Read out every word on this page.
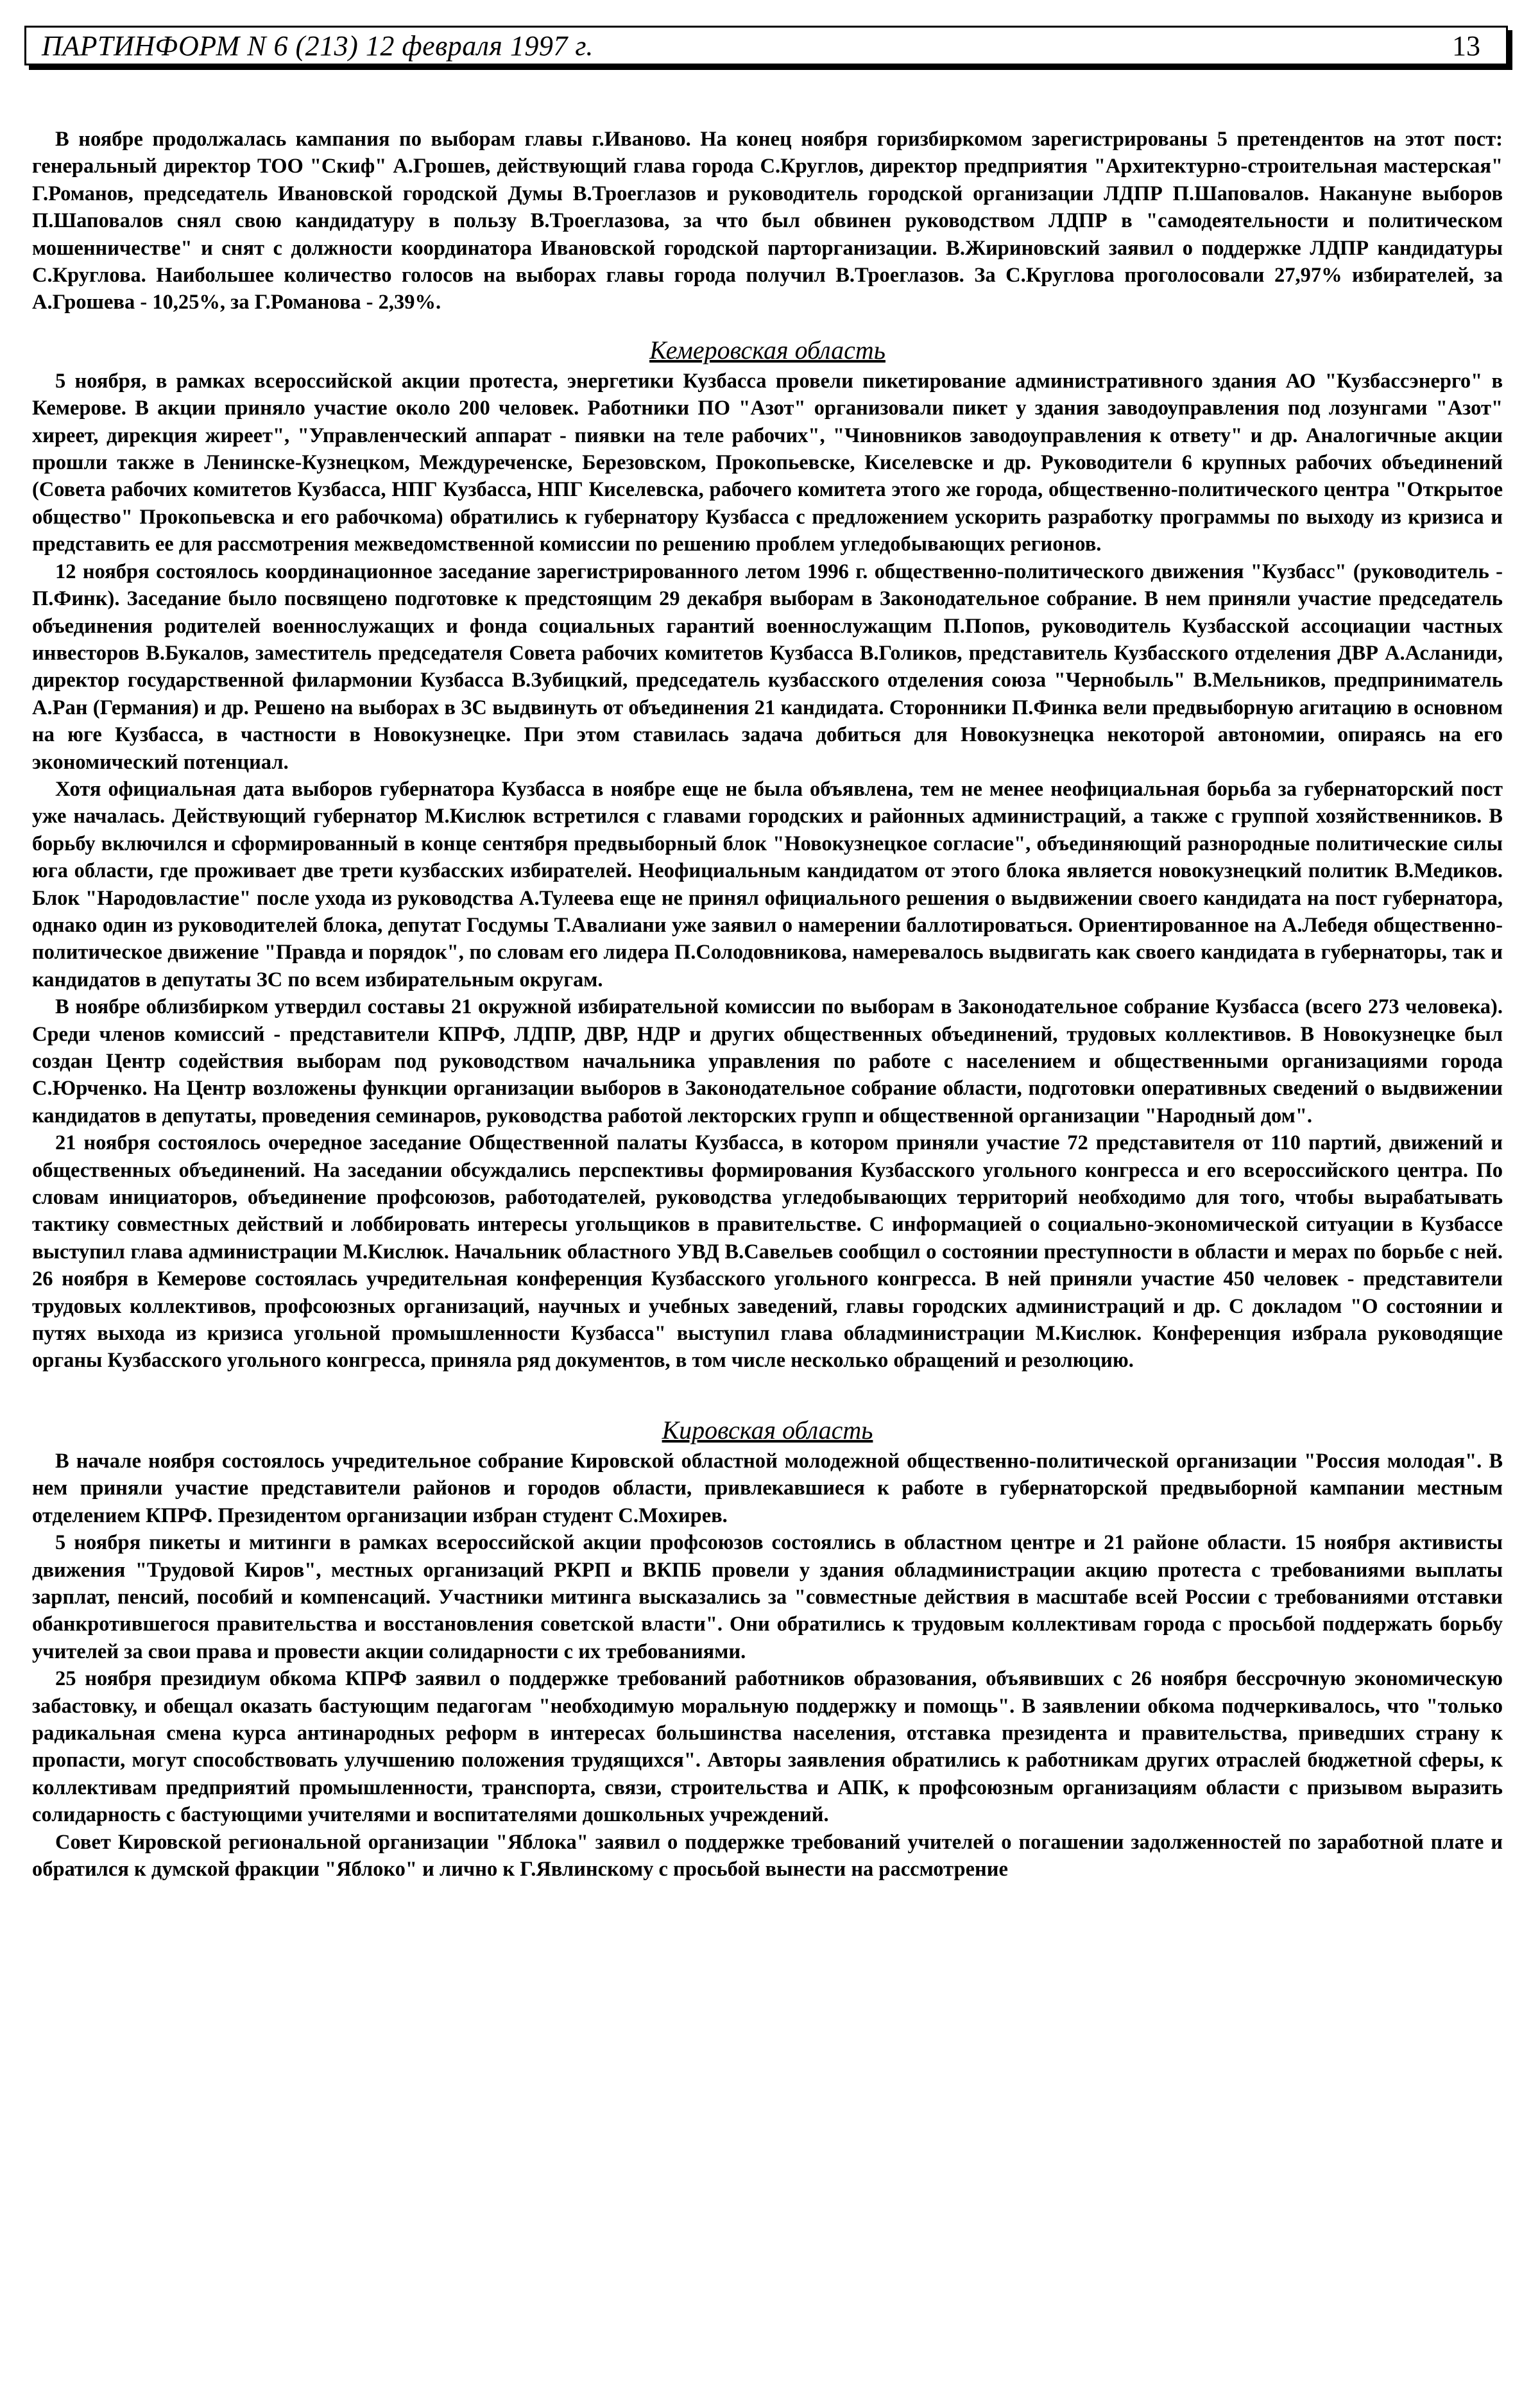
ПАРТИНФОРМ N 6 (213) 12 февраля 1997 г.	13

В ноябре продолжалась кампания по выборам главы г.Иваново. На конец ноября горизбиркомом зарегистрированы 5 претендентов на этот пост: генеральный директор ТОО "Скиф" А.Грошев, действующий глава города С.Круглов, директор предприятия "Архитектурно-строительная мастерская" Г.Романов, председатель Ивановской городской Думы В.Троеглазов и руководитель городской организации ЛДПР П.Шаповалов. Накануне выборов П.Шаповалов снял свою кандидатуру в пользу В.Троеглазова, за что был обвинен руководством ЛДПР в "самодеятельности и политическом мошенничестве" и снят с должности координатора Ивановской городской парторганизации. В.Жириновский заявил о поддержке ЛДПР кандидатуры С.Круглова. Наибольшее количество голосов на выборах главы города получил В.Троеглазов. За С.Круглова проголосовали 27,97% избирателей, за А.Грошева - 10,25%, за Г.Романова - 2,39%.

Кемеровская область

5 ноября, в рамках всероссийской акции протеста, энергетики Кузбасса провели пикетирование административного здания АО "Кузбассэнерго" в Кемерове. В акции приняло участие около 200 человек. Работники ПО "Азот" организовали пикет у здания заводоуправления под лозунгами "Азот" хиреет, дирекция жиреет", "Управленческий аппарат - пиявки на теле рабочих", "Чиновников заводоуправления к ответу" и др. Аналогичные акции прошли также в Ленинске-Кузнецком, Междуреченске, Березовском, Прокопьевске, Киселевске и др. Руководители 6 крупных рабочих объединений (Совета рабочих комитетов Кузбасса, НПГ Кузбасса, НПГ Киселевска, рабочего комитета этого же города, общественно-политического центра "Открытое общество" Прокопьевска и его рабочкома) обратились к губернатору Кузбасса с предложением ускорить разработку программы по выходу из кризиса и представить ее для рассмотрения межведомственной комиссии по решению проблем угледобывающих регионов.

12 ноября состоялось координационное заседание зарегистрированного летом 1996 г. общественно-политического движения "Кузбасс" (руководитель - П.Финк). Заседание было посвящено подготовке к предстоящим 29 декабря выборам в Законодательное собрание. В нем приняли участие председатель объединения родителей военнослужащих и фонда социальных гарантий военнослужащим П.Попов, руководитель Кузбасской ассоциации частных инвесторов В.Букалов, заместитель председателя Совета рабочих комитетов Кузбасса В.Голиков, представитель Кузбасского отделения ДВР А.Асланиди, директор государственной филармонии Кузбасса В.Зубицкий, председатель кузбасского отделения союза "Чернобыль" В.Мельников, предприниматель А.Ран (Германия) и др. Решено на выборах в ЗС выдвинуть от объединения 21 кандидата. Сторонники П.Финка вели предвыборную агитацию в основном на юге Кузбасса, в частности в Новокузнецке. При этом ставилась задача добиться для Новокузнецка некоторой автономии, опираясь на его экономический потенциал.

Хотя официальная дата выборов губернатора Кузбасса в ноябре еще не была объявлена, тем не менее неофициальная борьба за губернаторский пост уже началась. Действующий губернатор М.Кислюк встретился с главами городских и районных администраций, а также с группой хозяйственников. В борьбу включился и сформированный в конце сентября предвыборный блок "Новокузнецкое согласие", объединяющий разнородные политические силы юга области, где проживает две трети кузбасских избирателей. Неофициальным кандидатом от этого блока является новокузнецкий политик В.Медиков. Блок "Народовластие" после ухода из руководства А.Тулеева еще не принял официального решения о выдвижении своего кандидата на пост губернатора, однако один из руководителей блока, депутат Госдумы Т.Авалиани уже заявил о намерении баллотироваться. Ориентированное на А.Лебедя общественно-политическое движение "Правда и порядок", по словам его лидера П.Солодовникова, намеревалось выдвигать как своего кандидата в губернаторы, так и кандидатов в депутаты ЗС по всем избирательным округам.

В ноябре облизбирком утвердил составы 21 окружной избирательной комиссии по выборам в Законодательное собрание Кузбасса (всего 273 человека). Среди членов комиссий - представители КПРФ, ЛДПР, ДВР, НДР и других общественных объединений, трудовых коллективов. В Новокузнецке был создан Центр содействия выборам под руководством начальника управления по работе с населением и общественными организациями города С.Юрченко. На Центр возложены функции организации выборов в Законодательное собрание области, подготовки оперативных сведений о выдвижении кандидатов в депутаты, проведения семинаров, руководства работой лекторских групп и общественной организации "Народный дом".

21 ноября состоялось очередное заседание Общественной палаты Кузбасса, в котором приняли участие 72 представителя от 110 партий, движений и общественных объединений. На заседании обсуждались перспективы формирования Кузбасского угольного конгресса и его всероссийского центра. По словам инициаторов, объединение профсоюзов, работодателей, руководства угледобывающих территорий необходимо для того, чтобы вырабатывать тактику совместных действий и лоббировать интересы угольщиков в правительстве. С информацией о социально-экономической ситуации в Кузбассе выступил глава администрации М.Кислюк. Начальник областного УВД В.Савельев сообщил о состоянии преступности в области и мерах по борьбе с ней. 26 ноября в Кемерове состоялась учредительная конференция Кузбасского угольного конгресса. В ней приняли участие 450 человек - представители трудовых коллективов, профсоюзных организаций, научных и учебных заведений, главы городских администраций и др. С докладом "О состоянии и путях выхода из кризиса угольной промышленности Кузбасса" выступил глава обладминистрации М.Кислюк. Конференция избрала руководящие органы Кузбасского угольного конгресса, приняла ряд документов, в том числе несколько обращений и резолюцию.

Кировская область

В начале ноября состоялось учредительное собрание Кировской областной молодежной общественно-политической организации "Россия молодая". В нем приняли участие представители районов и городов области, привлекавшиеся к работе в губернаторской предвыборной кампании местным отделением КПРФ. Президентом организации избран студент С.Мохирев.

5 ноября пикеты и митинги в рамках всероссийской акции профсоюзов состоялись в областном центре и 21 районе области. 15 ноября активисты движения "Трудовой Киров", местных организаций РКРП и ВКПБ провели у здания обладминистрации акцию протеста с требованиями выплаты зарплат, пенсий, пособий и компенсаций. Участники митинга высказались за "совместные действия в масштабе всей России с требованиями отставки обанкротившегося правительства и восстановления советской власти". Они обратились к трудовым коллективам города с просьбой поддержать борьбу учителей за свои права и провести акции солидарности с их требованиями.

25 ноября президиум обкома КПРФ заявил о поддержке требований работников образования, объявивших с 26 ноября бессрочную экономическую забастовку, и обещал оказать бастующим педагогам "необходимую моральную поддержку и помощь". В заявлении обкома подчеркивалось, что "только радикальная смена курса антинародных реформ в интересах большинства населения, отставка президента и правительства, приведших страну к пропасти, могут способствовать улучшению положения трудящихся". Авторы заявления обратились к работникам других отраслей бюджетной сферы, к коллективам предприятий промышленности, транспорта, связи, строительства и АПК, к профсоюзным организациям области с призывом выразить солидарность с бастующими учителями и воспитателями дошкольных учреждений.

Совет Кировской региональной организации "Яблока" заявил о поддержке требований учителей о погашении задолженностей по заработной плате и обратился к думской фракции "Яблоко" и лично к Г.Явлинскому с просьбой вынести на рассмотрение
